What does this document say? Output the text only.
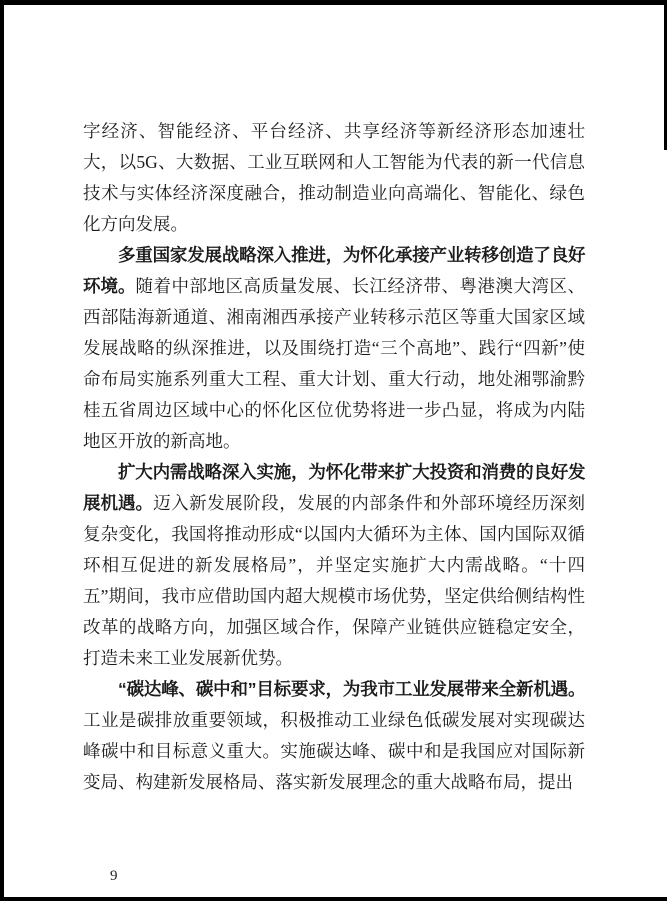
字经济、智能经济、平台经济、共享经济等新经济形态加速壮大，以5G、大数据、工业互联网和人工智能为代表的新一代信息技术与实体经济深度融合，推动制造业向高端化、智能化、绿色化方向发展。

多重国家发展战略深入推进，为怀化承接产业转移创造了良好环境。随着中部地区高质量发展、长江经济带、粤港澳大湾区、西部陆海新通道、湘南湘西承接产业转移示范区等重大国家区域发展战略的纵深推进，以及围绕打造“三个高地”、践行“四新”使命布局实施系列重大工程、重大计划、重大行动，地处湘鄂渝黔桂五省周边区域中心的怀化区位优势将进一步凸显，将成为内陆地区开放的新高地。

扩大内需战略深入实施，为怀化带来扩大投资和消费的良好发展机遇。迈入新发展阶段，发展的内部条件和外部环境经历深刻复杂变化，我国将推动形成“以国内大循环为主体、国内国际双循环相互促进的新发展格局”，并坚定实施扩大内需战略。“十四五”期间，我市应借助国内超大规模市场优势，坚定供给侧结构性改革的战略方向，加强区域合作，保障产业链供应链稳定安全，打造未来工业发展新优势。

“碳达峰、碳中和”目标要求，为我市工业发展带来全新机遇。工业是碳排放重要领域，积极推动工业绿色低碳发展对实现碳达峰碳中和目标意义重大。实施碳达峰、碳中和是我国应对国际新变局、构建新发展格局、落实新发展理念的重大战略布局，提出

9
